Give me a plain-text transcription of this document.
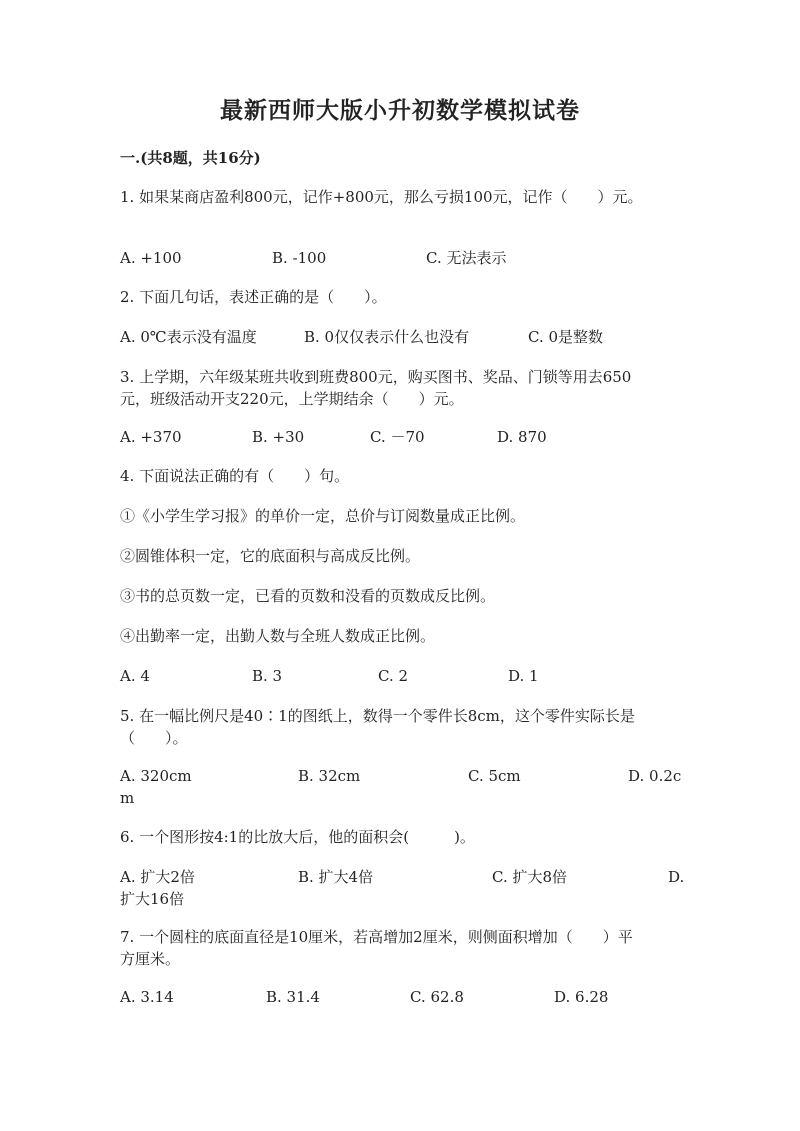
最新西师大版小升初数学模拟试卷

一.(共8题，共16分)

1. 如果某商店盈利800元，记作+800元，那么亏损100元，记作（　　）元。

A. +100	B. -100	C. 无法表示

2. 下面几句话，表述正确的是（　　）。

A. 0℃表示没有温度	B. 0仅仅表示什么也没有	C. 0是整数

3. 上学期，六年级某班共收到班费800元，购买图书、奖品、门锁等用去650

元，班级活动开支220元，上学期结余（　　）元。

A. +370	B. +30	C. －70	D. 870

4. 下面说法正确的有（　　）句。

①《小学生学习报》的单价一定，总价与订阅数量成正比例。

②圆锥体积一定，它的底面积与高成反比例。

③书的总页数一定，已看的页数和没看的页数成反比例。

④出勤率一定，出勤人数与全班人数成正比例。

A. 4	B. 3	C. 2	D. 1

5. 在一幅比例尺是40∶1的图纸上，数得一个零件长8cm，这个零件实际长是

（　　）。

A. 320cm	B. 32cm	C. 5cm	D. 0.2c

m

6. 一个图形按4:1的比放大后，他的面积会(　　　)。

A. 扩大2倍	B. 扩大4倍	C. 扩大8倍	D.

扩大16倍

7. 一个圆柱的底面直径是10厘米，若高增加2厘米，则侧面积增加（　　）平

方厘米。

A. 3.14	B. 31.4	C. 62.8	D. 6.28
